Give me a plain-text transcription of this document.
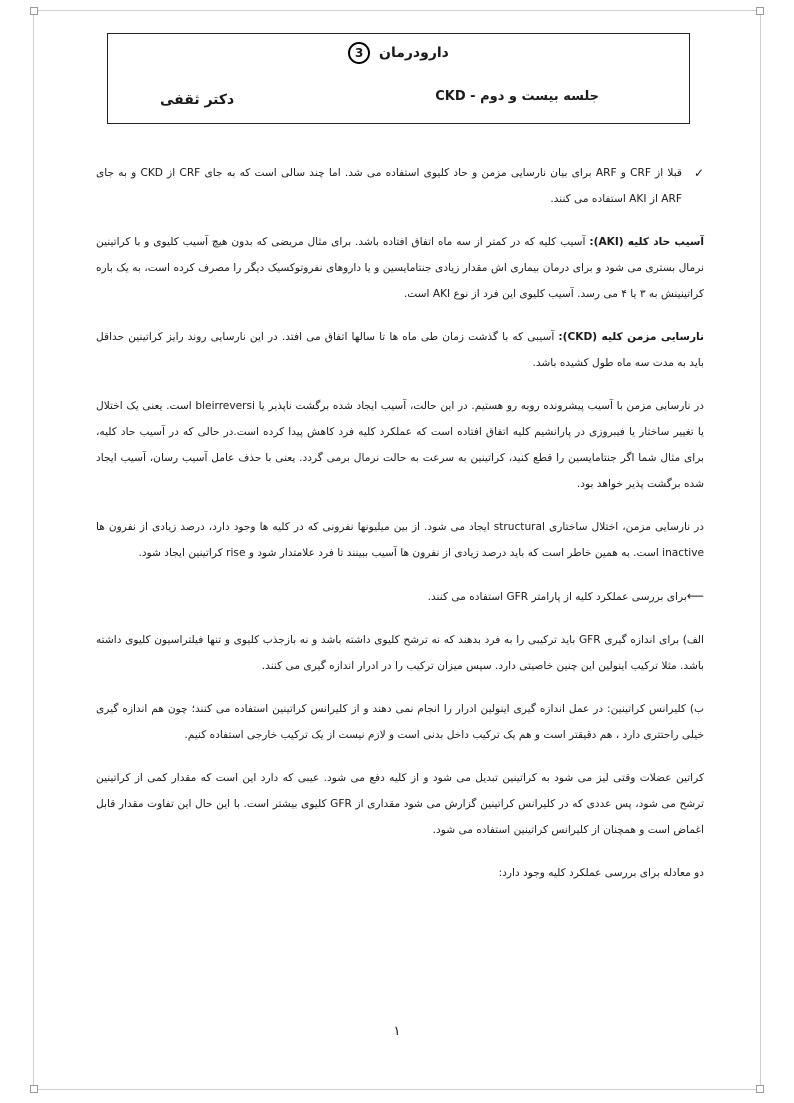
دارودرمان 3
جلسه بیست و دوم - CKD
دکتر ثقفی

✓
قبلا از CRF و ARF برای بیان نارسایی مزمن و حاد کلیوی استفاده می شد. اما چند سالی است که به جای CRF از CKD و به جای ARF از AKI استفاده می کنند.

آسیب حاد کلیه (AKI): آسیب کلیه که در کمتر از سه ماه اتفاق افتاده باشد. برای مثال مریضی که بدون هیچ آسیب کلیوی و با کراتینین نرمال بستری می شود و برای درمان بیماری اش مقدار زیادی جنتامایسین و یا داروهای نفروتوکسیک دیگر را مصرف کرده است، به یک باره کراتینینش به ۳ یا ۴ می رسد. آسیب کلیوی این فرد از نوع AKI است.

نارسایی مزمن کلیه (CKD): آسیبی که با گذشت زمان طی ماه ها تا سالها اتفاق می افتد. در این نارسایی روند رایز کراتینین حداقل باید به مدت سه ماه طول کشیده باشد.

در نارسایی مزمن با آسیب پیشرونده روبه رو هستیم. در این حالت، آسیب ایجاد شده برگشت ناپذیر یا bleirreversi است. یعنی یک اختلال یا تغییر ساختار یا فیبروزی در پارانشیم کلیه اتفاق افتاده است که عملکرد کلیه فرد کاهش پیدا کرده است.در حالی که در آسیب حاد کلیه، برای مثال شما اگر جنتامایسین را قطع کنید، کراتینین به سرعت به حالت نرمال برمی گردد. یعنی با حذف عامل آسیب رسان، آسیب ایجاد شده برگشت پذیر خواهد بود.

در نارسایی مزمن، اختلال ساختاری structural ایجاد می شود. از بین میلیونها نفرونی که در کلیه ها وجود دارد، درصد زیادی از نفرون ها inactive است. به همین خاطر است که باید درصد زیادی از نفرون ها آسیب ببینند تا فرد علامتدار شود و rise کراتینین ایجاد شود.

⟵برای بررسی عملکرد کلیه از پارامتر GFR استفاده می کنند.

الف) برای اندازه گیری GFR باید ترکیبی را به فرد بدهند که نه ترشح کلیوی داشته باشد و نه بازجذب کلیوی و تنها فیلتراسیون کلیوی داشته باشد. مثلا ترکیب اینولین این چنین خاصیتی دارد. سپس میزان ترکیب را در ادرار اندازه گیری می کنند.

ب) کلیرانس کراتینین: در عمل اندازه گیری اینولین ادرار را انجام نمی دهند و از کلیرانس کراتینین استفاده می کنند؛ چون هم اندازه گیری خیلی راحتتری دارد ، هم دقیقتر است و هم یک ترکیب داخل بدنی است و لازم نیست از یک ترکیب خارجی استفاده کنیم.

کراتین عضلات وقتی لیز می شود به کراتینین تبدیل می شود و از کلیه دفع می شود. عیبی که دارد این است که مقدار کمی از کراتینین ترشح می شود، پس عددی که در کلیرانس کراتینین گزارش می شود مقداری از GFR کلیوی بیشتر است. با این حال این تفاوت مقدار قابل اغماض است و همچنان از کلیرانس کراتینین استفاده می شود.

دو معادله برای بررسی عملکرد کلیه وجود دارد:

۱
